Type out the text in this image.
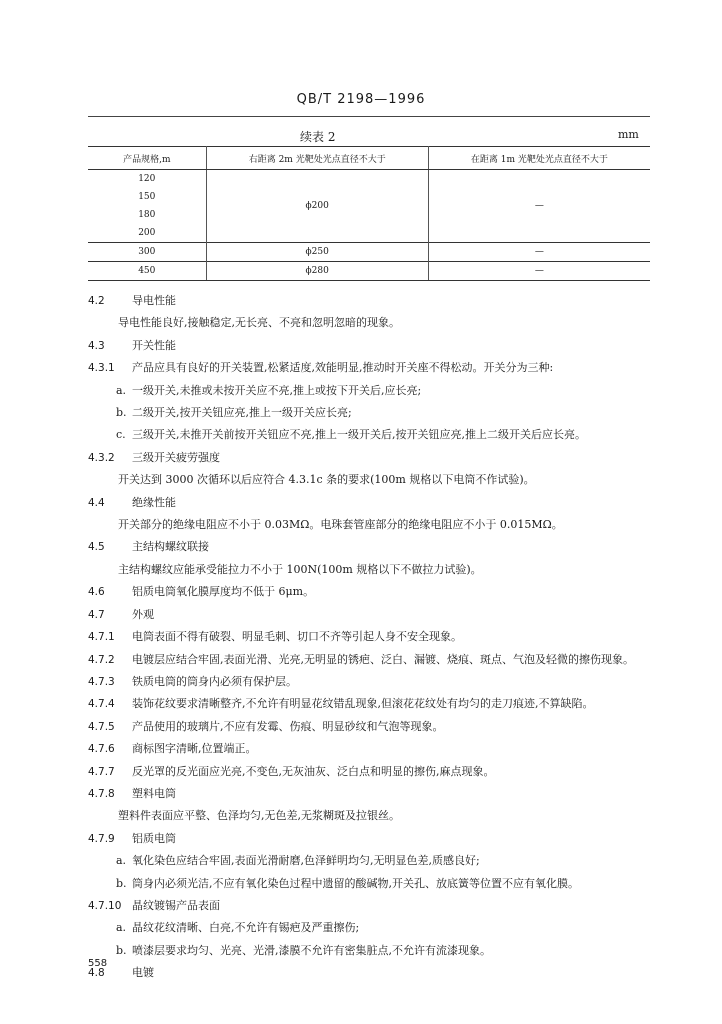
QB/T 2198—1996
续表 2	mm
产品规格,m	右距离 2m 光靶处光点直径不大于	在距离 1m 光靶处光点直径不大于
120	ϕ200	—
150		
180		
200		
300	ϕ250	—
450	ϕ280	—
4.2 导电性能
导电性能良好,接触稳定,无长亮、不亮和忽明忽暗的现象。
4.3 开关性能
4.3.1 产品应具有良好的开关装置,松紧适度,效能明显,推动时开关座不得松动。开关分为三种:
a. 一级开关,未推或未按开关应不亮,推上或按下开关后,应长亮;
b. 二级开关,按开关钮应亮,推上一级开关应长亮;
c. 三级开关,未推开关前按开关钮应不亮,推上一级开关后,按开关钮应亮,推上二级开关后应长亮。
4.3.2 三级开关疲劳强度
开关达到 3000 次循环以后应符合 4.3.1c 条的要求(100m 规格以下电筒不作试验)。
4.4 绝缘性能
开关部分的绝缘电阻应不小于 0.03MΩ。电珠套管座部分的绝缘电阻应不小于 0.015MΩ。
4.5 主结构螺纹联接
主结构螺纹应能承受能拉力不小于 100N(100m 规格以下不做拉力试验)。
4.6 铝质电筒氧化膜厚度均不低于 6μm。
4.7 外观
4.7.1 电筒表面不得有破裂、明显毛刺、切口不齐等引起人身不安全现象。
4.7.2 电镀层应结合牢固,表面光滑、光亮,无明显的锈疤、泛白、漏镀、烧痕、斑点、气泡及轻微的擦伤现象。
4.7.3 铁质电筒的筒身内必须有保护层。
4.7.4 装饰花纹要求清晰整齐,不允许有明显花纹错乱现象,但滚花花纹处有均匀的走刀痕迹,不算缺陷。
4.7.5 产品使用的玻璃片,不应有发霉、伤痕、明显砂纹和气泡等现象。
4.7.6 商标图字清晰,位置端正。
4.7.7 反光罩的反光面应光亮,不变色,无灰油灰、泛白点和明显的擦伤,麻点现象。
4.7.8 塑料电筒
塑料件表面应平整、色泽均匀,无色差,无浆糊斑及拉银丝。
4.7.9 铝质电筒
a. 氧化染色应结合牢固,表面光滑耐磨,色泽鲜明均匀,无明显色差,质感良好;
b. 筒身内必须光洁,不应有氧化染色过程中遗留的酸碱物,开关孔、放底簧等位置不应有氧化膜。
4.7.10 晶纹镀锡产品表面
a. 晶纹花纹清晰、白亮,不允许有锡疤及严重擦伤;
b. 喷漆层要求均匀、光亮、光滑,漆膜不允许有密集脏点,不允许有流漆现象。
4.8 电镀
558
